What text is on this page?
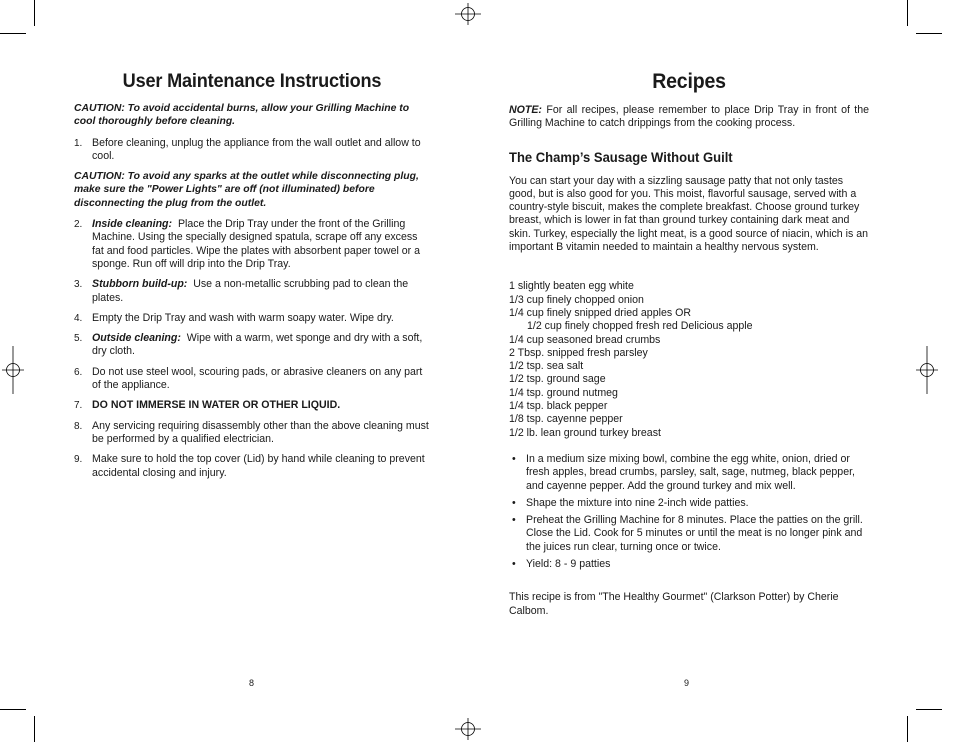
User Maintenance Instructions

CAUTION: To avoid accidental burns, allow your Grilling Machine to cool thoroughly before cleaning.

1. Before cleaning, unplug the appliance from the wall outlet and allow to cool.

CAUTION: To avoid any sparks at the outlet while disconnecting plug, make sure the "Power Lights" are off (not illuminated) before disconnecting the plug from the outlet.

2. Inside cleaning: Place the Drip Tray under the front of the Grilling Machine. Using the specially designed spatula, scrape off any excess fat and food particles. Wipe the plates with absorbent paper towel or a sponge. Run off will drip into the Drip Tray.
3. Stubborn build-up: Use a non-metallic scrubbing pad to clean the plates.
4. Empty the Drip Tray and wash with warm soapy water. Wipe dry.
5. Outside cleaning: Wipe with a warm, wet sponge and dry with a soft, dry cloth.
6. Do not use steel wool, scouring pads, or abrasive cleaners on any part of the appliance.
7. DO NOT IMMERSE IN WATER OR OTHER LIQUID.
8. Any servicing requiring disassembly other than the above cleaning must be performed by a qualified electrician.
9. Make sure to hold the top cover (Lid) by hand while cleaning to prevent accidental closing and injury.
8
Recipes

NOTE: For all recipes, please remember to place Drip Tray in front of the Grilling Machine to catch drippings from the cooking process.

The Champ’s Sausage Without Guilt

You can start your day with a sizzling sausage patty that not only tastes good, but is also good for you. This moist, flavorful sausage, served with a country-style biscuit, makes the complete breakfast. Choose ground turkey breast, which is lower in fat than ground turkey containing dark meat and skin. Turkey, especially the light meat, is a good source of niacin, which is an important B vitamin needed to maintain a healthy nervous system.

1 slightly beaten egg white
1/3 cup finely chopped onion
1/4 cup finely snipped dried apples OR
1/2 cup finely chopped fresh red Delicious apple
1/4 cup seasoned bread crumbs
2 Tbsp. snipped fresh parsley
1/2 tsp. sea salt
1/2 tsp. ground sage
1/4 tsp. ground nutmeg
1/4 tsp. black pepper
1/8 tsp. cayenne pepper
1/2 lb. lean ground turkey breast
• In a medium size mixing bowl, combine the egg white, onion, dried or fresh apples, bread crumbs, parsley, salt, sage, nutmeg, black pepper, and cayenne pepper. Add the ground turkey and mix well.
• Shape the mixture into nine 2-inch wide patties.
• Preheat the Grilling Machine for 8 minutes. Place the patties on the grill. Close the Lid. Cook for 5 minutes or until the meat is no longer pink and the juices run clear, turning once or twice.
• Yield: 8 - 9 patties

This recipe is from "The Healthy Gourmet" (Clarkson Potter) by Cherie Calbom.

9
